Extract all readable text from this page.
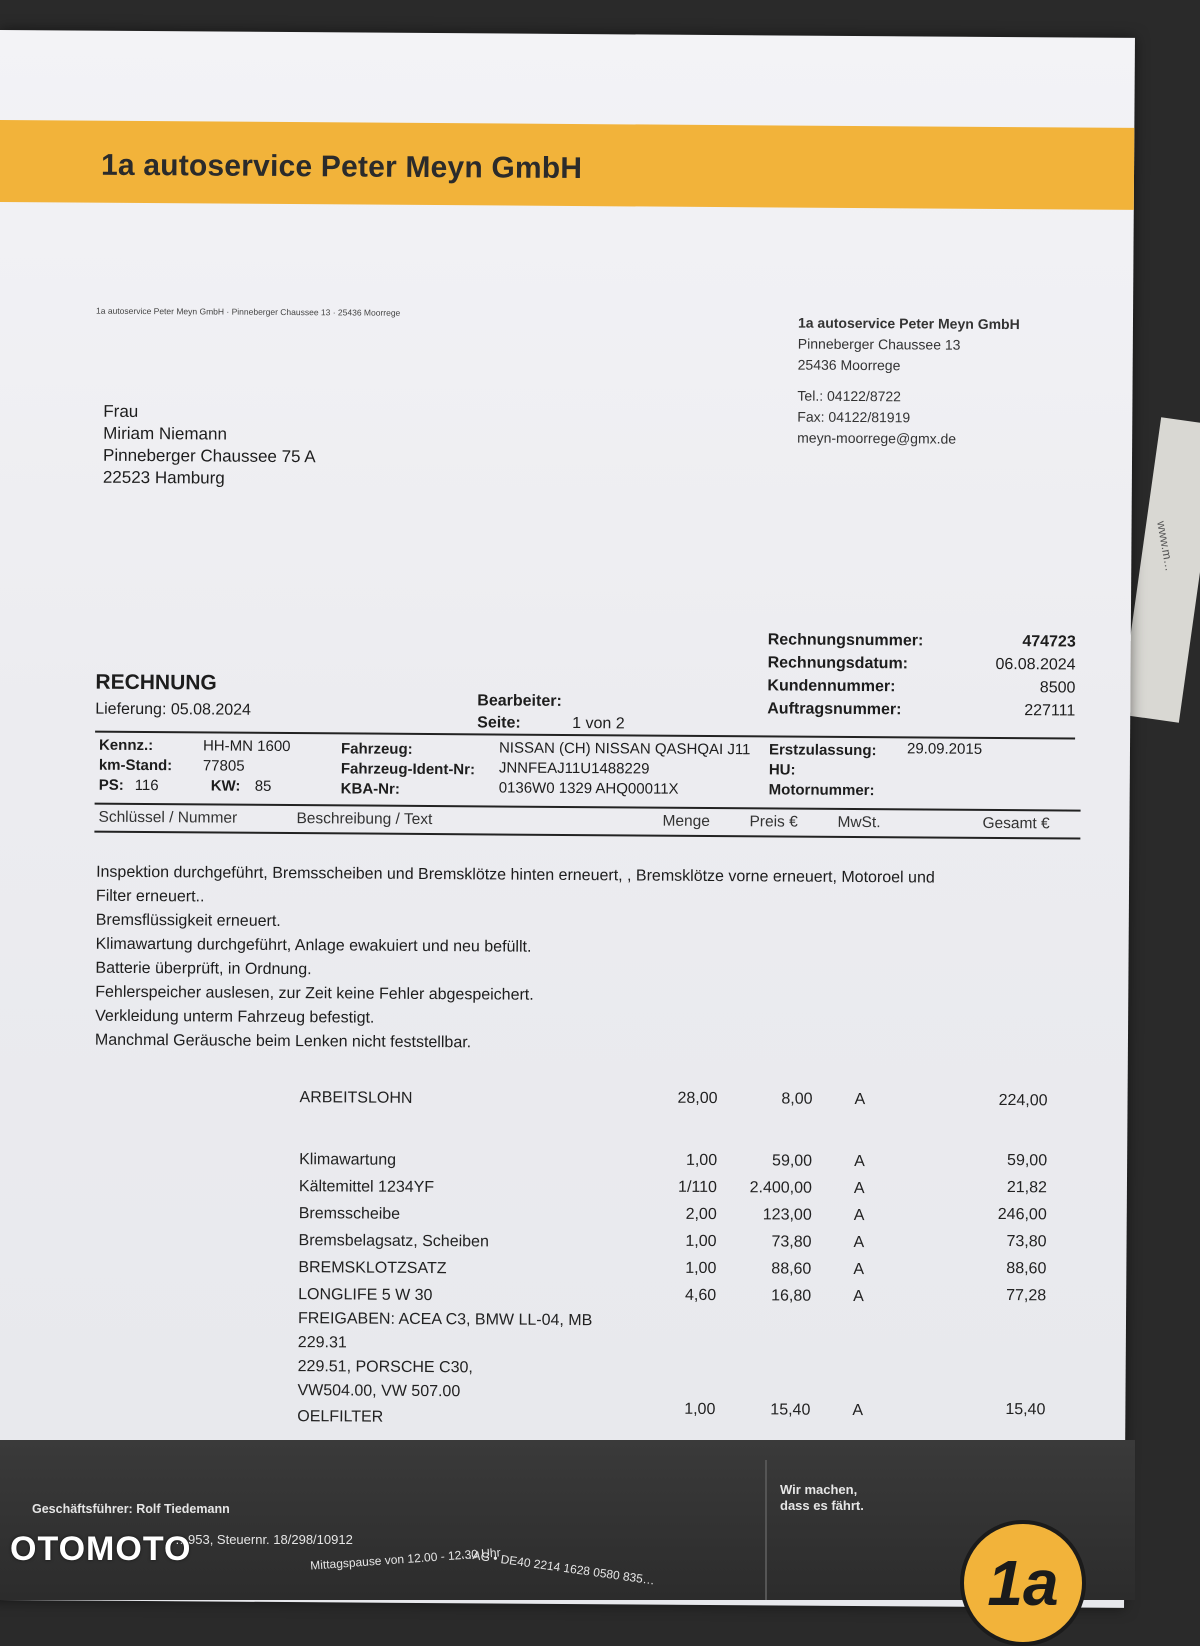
www.m…
1a autoservice Peter Meyn GmbH
1a autoservice Peter Meyn GmbH · Pinneberger Chaussee 13 · 25436 Moorrege
Frau
Miriam Niemann
Pinneberger Chaussee 75 A
22523 Hamburg
1a autoservice Peter Meyn GmbH
Pinneberger Chaussee 13
25436 Moorrege
Tel.: 04122/8722
Fax: 04122/81919
meyn-moorrege@gmx.de
Rechnungsnummer:	474723
Rechnungsdatum:	06.08.2024
Kundennummer:	8500
Auftragsnummer:	227111
RECHNUNG
Lieferung: 05.08.2024	Bearbeiter:
Seite:	1 von 2
Kennz.:	HH-MN 1600
km-Stand: 77805
PS: 116	KW: 85
Fahrzeug:	NISSAN (CH) NISSAN QASHQAI J11
Fahrzeug-Ident-Nr: JNNFEAJ11U1488229
KBA-Nr:	0136W0 1329 AHQ00011X
Erstzulassung: 29.09.2015
HU:
Motornummer:
Schlüssel / Nummer	Beschreibung / Text	Menge	Preis €	MwSt.	Gesamt €
Inspektion durchgeführt, Bremsscheiben und Bremsklötze hinten erneuert, , Bremsklötze vorne erneuert, Motoroel und
Filter erneuert..
Bremsflüssigkeit erneuert.
Klimawartung durchgeführt, Anlage ewakuiert und neu befüllt.
Batterie überprüft, in Ordnung.
Fehlerspeicher auslesen, zur Zeit keine Fehler abgespeichert.
Verkleidung unterm Fahrzeug befestigt.
Manchmal Geräusche beim Lenken nicht feststellbar.
ARBEITSLOHN	28,00	8,00	A	224,00
Klimawartung	1,00	59,00	A	59,00
Kältemittel 1234YF	1/110	2.400,00	A	21,82
Bremsscheibe	2,00	123,00	A	246,00
Bremsbelagsatz, Scheiben	1,00	73,80	A	73,80
BREMSKLOTZSATZ	1,00	88,60	A	88,60
LONGLIFE 5 W 30	4,60	16,80	A	77,28
FREIGABEN: ACEA C3, BMW LL-04, MB
229.31
229.51, PORSCHE C30,
VW504.00, VW 507.00
OELFILTER	1,00	15,40	A	15,40
Geschäftsführer: Rolf Tiedemann
…953, Steuernr. 18/298/10912
Mittagspause von 12.00 - 12.30 Uhr
…AG • DE40 2214 1628 0580 835…
Wir machen,
dass es fährt.
1a
OTOMOTO
